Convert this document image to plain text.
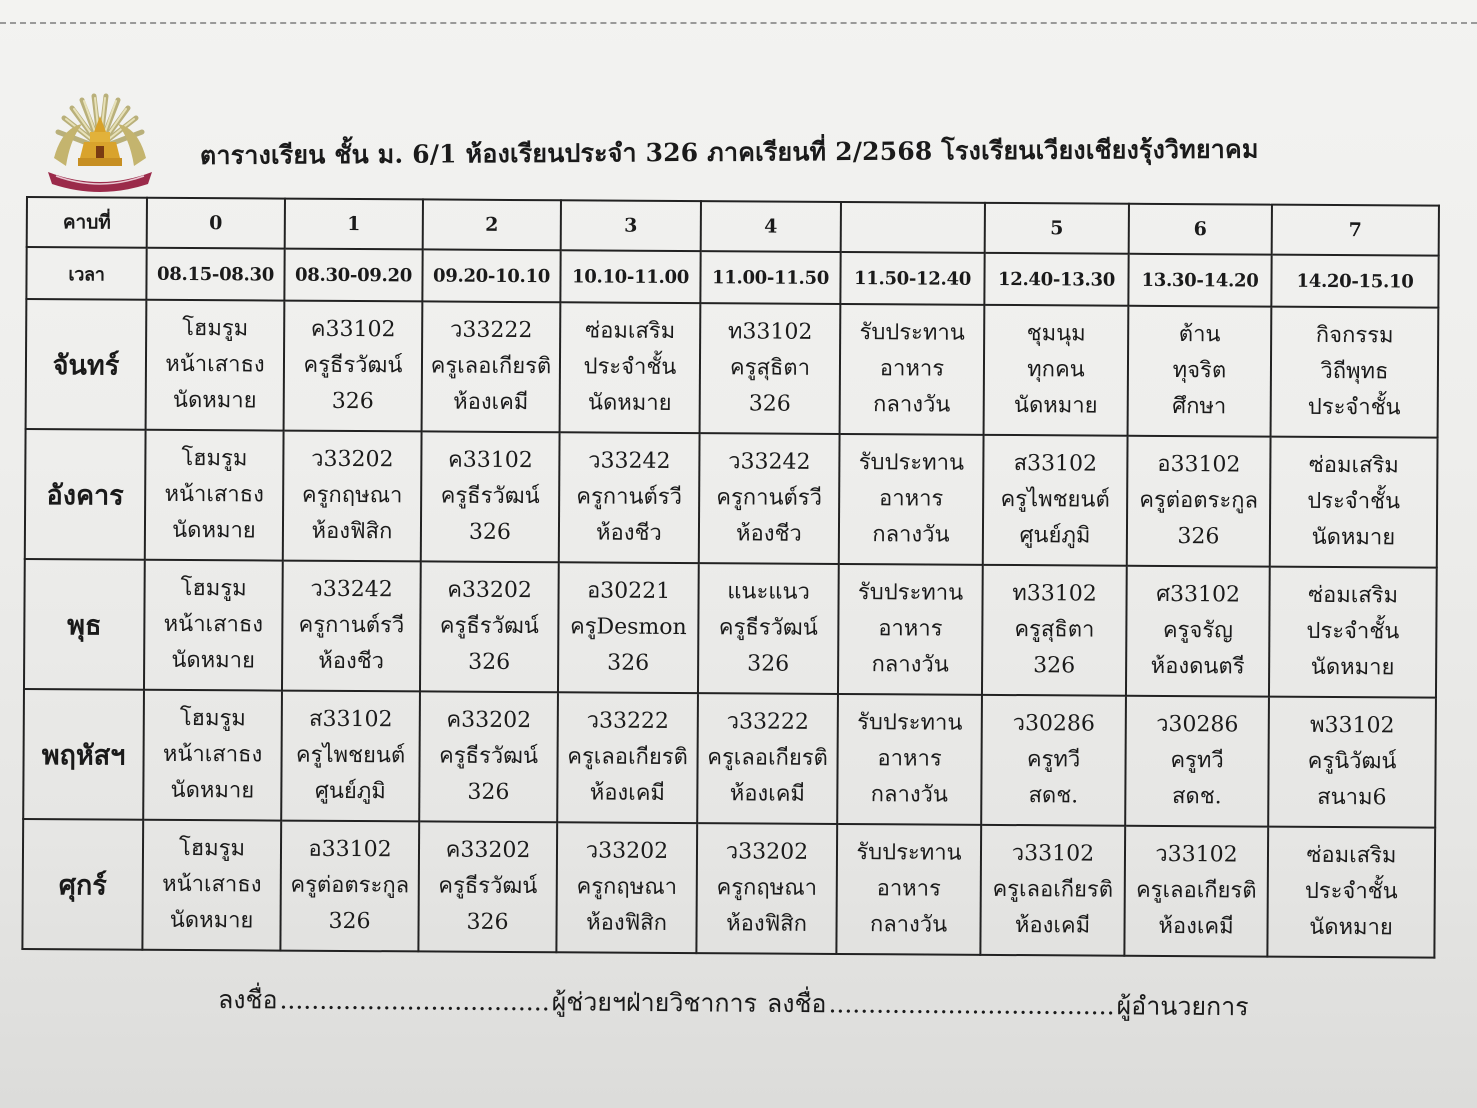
ตารางเรียน ชั้น ม. 6/1 ห้องเรียนประจำ 326 ภาคเรียนที่ 2/2568 โรงเรียนเวียงเชียงรุ้งวิทยาคม
คาบที่	0	1	2	3	4		5	6	7
เวลา	08.15-08.30	08.30-09.20	09.20-10.10	10.10-11.00	11.00-11.50	11.50-12.40	12.40-13.30	13.30-14.20	14.20-15.10
จันทร์	โฮมรูม
หน้าเสาธง
นัดหมาย	ค33102
ครูธีรวัฒน์
326	ว33222
ครูเลอเกียรติ
ห้องเคมี	ซ่อมเสริม
ประจำชั้น
นัดหมาย	ท33102
ครูสุธิตา
326	รับประทาน
อาหาร
กลางวัน	ชุมนุม
ทุกคน
นัดหมาย	ต้าน
ทุจริต
ศึกษา	กิจกรรม
วิถีพุทธ
ประจำชั้น

อังคาร	โฮมรูม
หน้าเสาธง
นัดหมาย	ว33202
ครูกฤษณา
ห้องฟิสิก	ค33102
ครูธีรวัฒน์
326	ว33242
ครูกานต์รวี
ห้องชีว	ว33242
ครูกานต์รวี
ห้องชีว	รับประทาน
อาหาร
กลางวัน	ส33102
ครูไพชยนต์
ศูนย์ภูมิ	อ33102
ครูต่อตระกูล
326	ซ่อมเสริม
ประจำชั้น
นัดหมาย

พุธ	โฮมรูม
หน้าเสาธง
นัดหมาย	ว33242
ครูกานต์รวี
ห้องชีว	ค33202
ครูธีรวัฒน์
326	อ30221
ครูDesmon
326	แนะแนว
ครูธีรวัฒน์
326	รับประทาน
อาหาร
กลางวัน	ท33102
ครูสุธิตา
326	ศ33102
ครูจรัญ
ห้องดนตรี	ซ่อมเสริม
ประจำชั้น
นัดหมาย

พฤหัสฯ	โฮมรูม
หน้าเสาธง
นัดหมาย	ส33102
ครูไพชยนต์
ศูนย์ภูมิ	ค33202
ครูธีรวัฒน์
326	ว33222
ครูเลอเกียรติ
ห้องเคมี	ว33222
ครูเลอเกียรติ
ห้องเคมี	รับประทาน
อาหาร
กลางวัน	ว30286
ครูทวี
สดช.	ว30286
ครูทวี
สดช.	พ33102
ครูนิวัฒน์
สนาม6

ศุกร์	โฮมรูม
หน้าเสาธง
นัดหมาย	อ33102
ครูต่อตระกูล
326	ค33202
ครูธีรวัฒน์
326	ว33202
ครูกฤษณา
ห้องฟิสิก	ว33202
ครูกฤษณา
ห้องฟิสิก	รับประทาน
อาหาร
กลางวัน	ว33102
ครูเลอเกียรติ
ห้องเคมี	ว33102
ครูเลอเกียรติ
ห้องเคมี	ซ่อมเสริม
ประจำชั้น
นัดหมาย
ลงชื่อ..................................ผู้ช่วยฯฝ่ายวิชาการ ลงชื่อ....................................ผู้อำนวยการ
